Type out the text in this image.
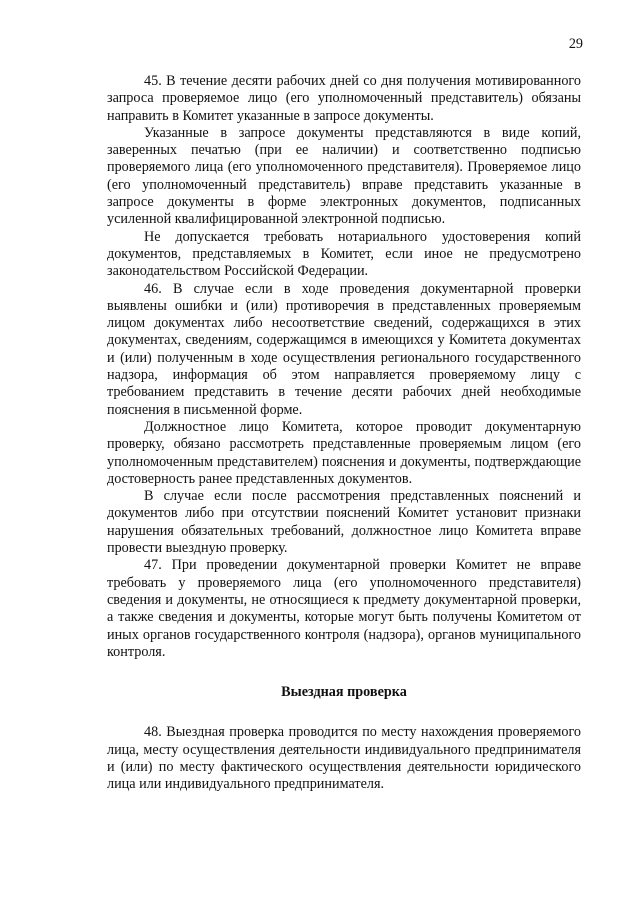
29

45. В течение десяти рабочих дней со дня получения мотивированного запроса проверяемое лицо (его уполномоченный представитель) обязаны направить в Комитет указанные в запросе документы.

Указанные в запросе документы представляются в виде копий, заверенных печатью (при ее наличии) и соответственно подписью проверяемого лица (его уполномоченного представителя). Проверяемое лицо (его уполномоченный представитель) вправе представить указанные в запросе документы в форме электронных документов, подписанных усиленной квалифицированной электронной подписью.

Не допускается требовать нотариального удостоверения копий документов, представляемых в Комитет, если иное не предусмотрено законодательством Российской Федерации.

46. В случае если в ходе проведения документарной проверки выявлены ошибки и (или) противоречия в представленных проверяемым лицом документах либо несоответствие сведений, содержащихся в этих документах, сведениям, содержащимся в имеющихся у Комитета документах и (или) полученным в ходе осуществления регионального государственного надзора, информация об этом направляется проверяемому лицу с требованием представить в течение десяти рабочих дней необходимые пояснения в письменной форме.

Должностное лицо Комитета, которое проводит документарную проверку, обязано рассмотреть представленные проверяемым лицом (его уполномоченным представителем) пояснения и документы, подтверждающие достоверность ранее представленных документов.

В случае если после рассмотрения представленных пояснений и документов либо при отсутствии пояснений Комитет установит признаки нарушения обязательных требований, должностное лицо Комитета вправе провести выездную проверку.

47. При проведении документарной проверки Комитет не вправе требовать у проверяемого лица (его уполномоченного представителя) сведения и документы, не относящиеся к предмету документарной проверки, а также сведения и документы, которые могут быть получены Комитетом от иных органов государственного контроля (надзора), органов муниципального контроля.

Выездная проверка

48. Выездная проверка проводится по месту нахождения проверяемого лица, месту осуществления деятельности индивидуального предпринимателя и (или) по месту фактического осуществления деятельности юридического лица или индивидуального предпринимателя.
